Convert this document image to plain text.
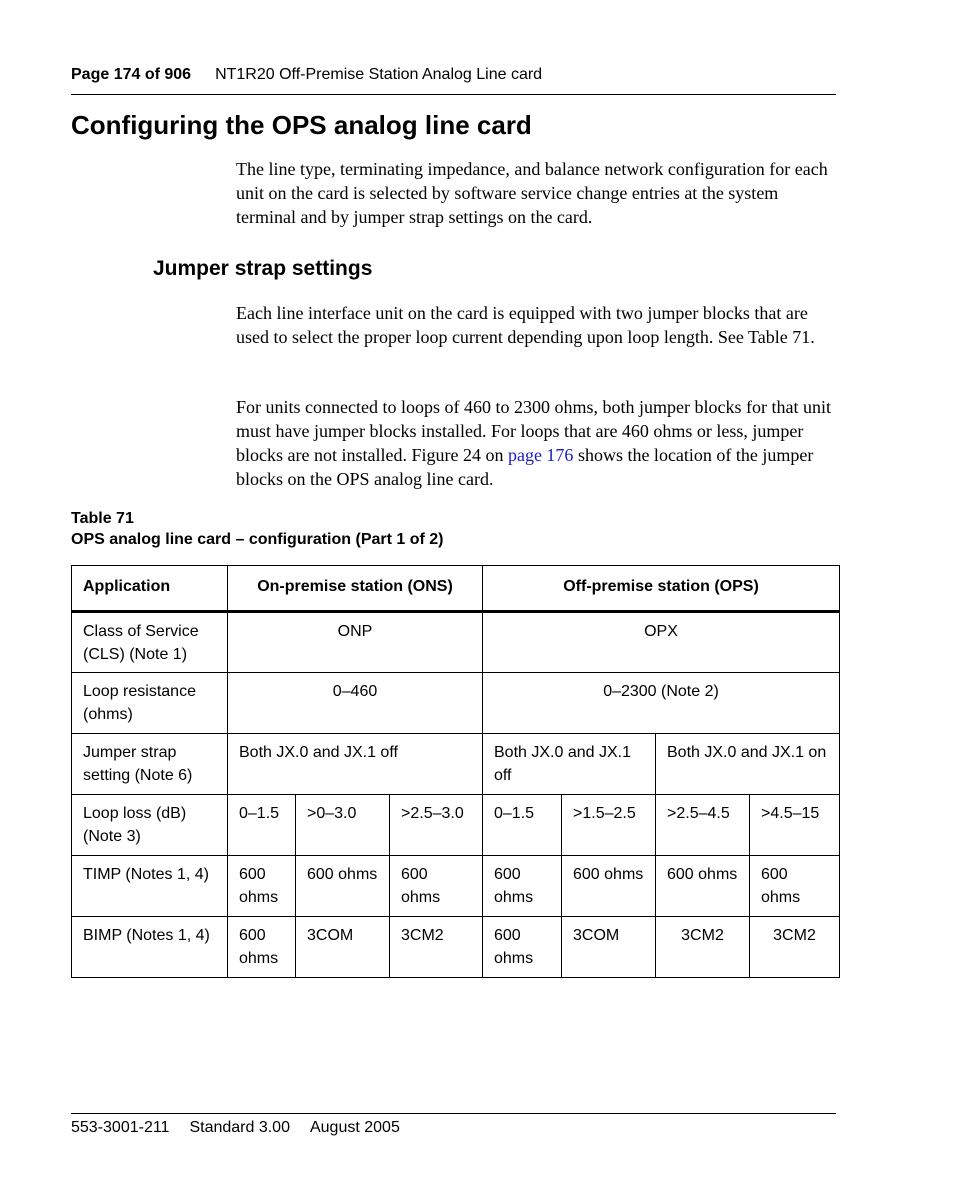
Page 174 of 906 NT1R20 Off-Premise Station Analog Line card
Configuring the OPS analog line card

The line type, terminating impedance, and balance network configuration for each unit on the card is selected by software service change entries at the system terminal and by jumper strap settings on the card.

Jumper strap settings

Each line interface unit on the card is equipped with two jumper blocks that are used to select the proper loop current depending upon loop length. See Table 71.

For units connected to loops of 460 to 2300 ohms, both jumper blocks for that unit must have jumper blocks installed. For loops that are 460 ohms or less, jumper blocks are not installed. Figure 24 on page 176 shows the location of the jumper blocks on the OPS analog line card.

Table 71
OPS analog line card – configuration (Part 1 of 2)
Application	On-premise station (ONS)			Off-premise station (OPS)			
Class of Service (CLS) (Note 1)	ONP			OPX			
Loop resistance (ohms)	0–460			0–2300 (Note 2)			
Jumper strap setting (Note 6)	Both JX.0 and JX.1 off			Both JX.0 and JX.1 off		Both JX.0 and JX.1 on	
Loop loss (dB) (Note 3)	0–1.5	>0–3.0	>2.5–3.0	0–1.5	>1.5–2.5	>2.5–4.5	>4.5–15
TIMP (Notes 1, 4)	600 ohms	600 ohms	600 ohms	600 ohms	600 ohms	600 ohms	600 ohms
BIMP (Notes 1, 4)	600 ohms	3COM	3CM2	600 ohms	3COM	3CM2	3CM2
553-3001-211 Standard 3.00 August 2005
